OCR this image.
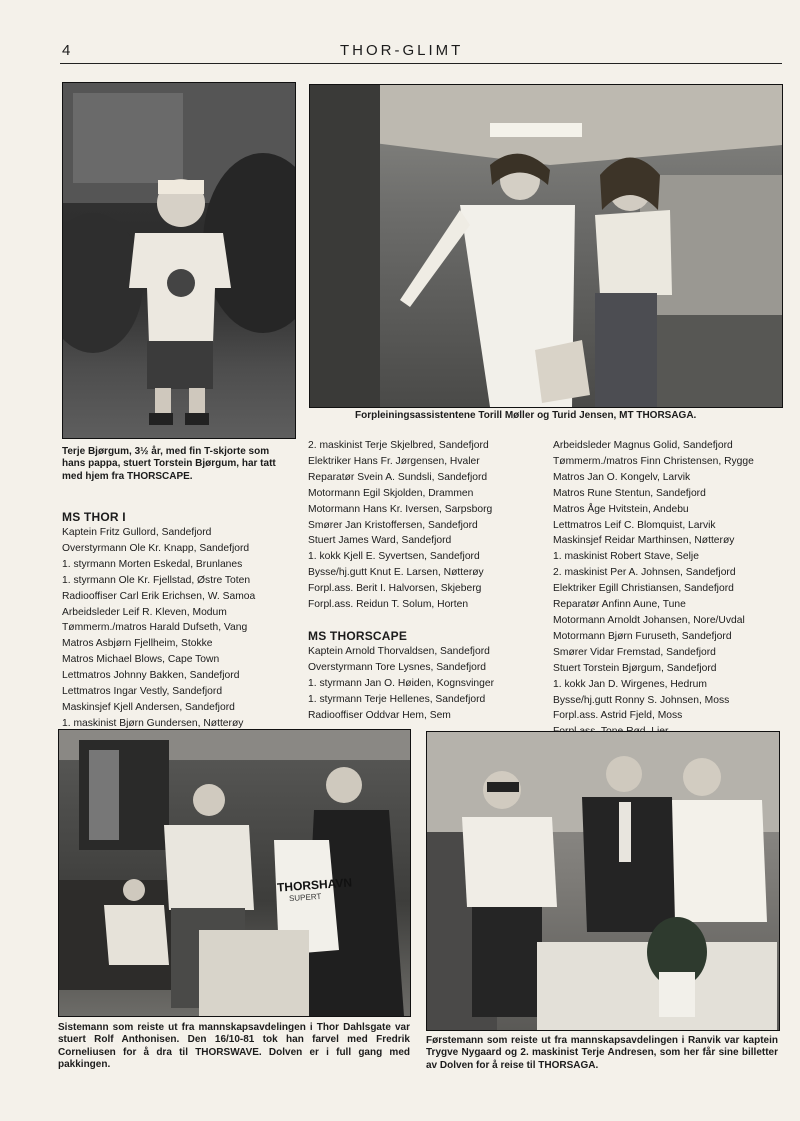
4	THOR-GLIMT
Terje Bjørgum, 3½ år, med fin T-skjorte som hans pappa, stuert Torstein Bjørgum, har tatt med hjem fra THORSCAPE.
Forpleiningsassistentene Torill Møller og Turid Jensen, MT THORSAGA.
MS THOR I
Kaptein Fritz Gullord, Sandefjord
Overstyrmann Ole Kr. Knapp, Sandefjord
1. styrmann Morten Eskedal, Brunlanes
1. styrmann Ole Kr. Fjellstad, Østre Toten
Radiooffiser Carl Erik Erichsen, W. Samoa
Arbeidsleder Leif R. Kleven, Modum
Tømmerm./matros Harald Dufseth, Vang
Matros Asbjørn Fjellheim, Stokke
Matros Michael Blows, Cape Town
Lettmatros Johnny Bakken, Sandefjord
Lettmatros Ingar Vestly, Sandefjord
Maskinsjef Kjell Andersen, Sandefjord
1. maskinist Bjørn Gundersen, Nøtterøy
2. maskinist Terje Skjelbred, Sandefjord
Elektriker Hans Fr. Jørgensen, Hvaler
Reparatør Svein A. Sundsli, Sandefjord
Motormann Egil Skjolden, Drammen
Motormann Hans Kr. Iversen, Sarpsborg
Smører Jan Kristoffersen, Sandefjord
Stuert James Ward, Sandefjord
1. kokk Kjell E. Syvertsen, Sandefjord
Bysse/hj.gutt Knut E. Larsen, Nøtterøy
Forpl.ass. Berit I. Halvorsen, Skjeberg
Forpl.ass. Reidun T. Solum, Horten
MS THORSCAPE
Kaptein Arnold Thorvaldsen, Sandefjord
Overstyrmann Tore Lysnes, Sandefjord
1. styrmann Jan O. Høiden, Kognsvinger
1. styrmann Terje Hellenes, Sandefjord
Radiooffiser Oddvar Hem, Sem
Arbeidsleder Magnus Golid, Sandefjord
Tømmerm./matros Finn Christensen, Rygge
Matros Jan O. Kongelv, Larvik
Matros Rune Stentun, Sandefjord
Matros Åge Hvitstein, Andebu
Lettmatros Leif C. Blomquist, Larvik
Maskinsjef Reidar Marthinsen, Nøtterøy
1. maskinist Robert Stave, Selje
2. maskinist Per A. Johnsen, Sandefjord
Elektriker Egill Christiansen, Sandefjord
Reparatør Anfinn Aune, Tune
Motormann Arnoldt Johansen, Nore/Uvdal
Motormann Bjørn Furuseth, Sandefjord
Smører Vidar Fremstad, Sandefjord
Stuert Torstein Bjørgum, Sandefjord
1. kokk Jan D. Wirgenes, Hedrum
Bysse/hj.gutt Ronny S. Johnsen, Moss
Forpl.ass. Astrid Fjeld, Moss
THORSHAVN
SUPERT
Sistemann som reiste ut fra mannskapsavdelingen i Thor Dahlsgate var stuert Rolf Anthonisen. Den 16/10-81 tok han farvel med Fredrik Corneliusen for å dra til THORSWAVE. Dolven er i full gang med pakkingen.
Førstemann som reiste ut fra mannskapsavdelingen i Ranvik var kaptein Trygve Nygaard og 2. maskinist Terje Andresen, som her får sine billetter av Dolven for å reise til THORSAGA.
